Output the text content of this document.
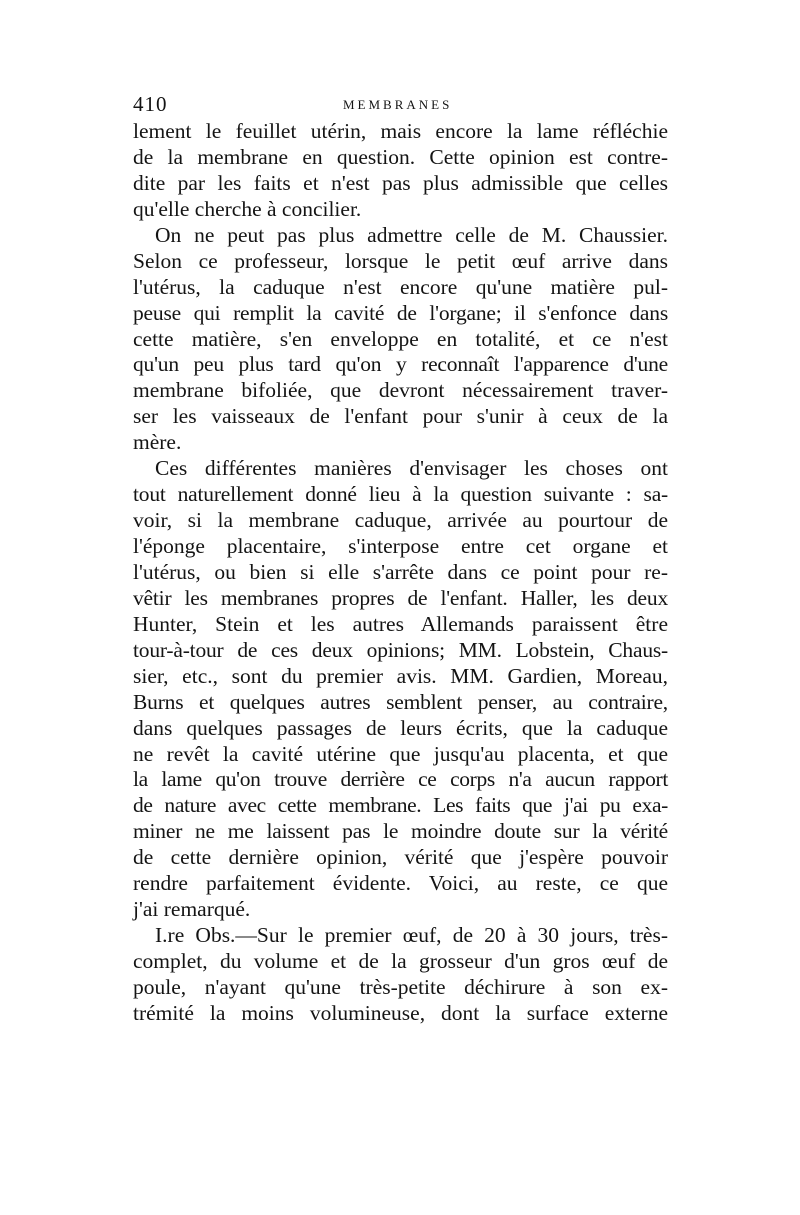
410	MEMBRANES
lement le feuillet utérin, mais encore la lame réfléchie
de la membrane en question. Cette opinion est contre-
dite par les faits et n'est pas plus admissible que celles
qu'elle cherche à concilier.
On ne peut pas plus admettre celle de M. Chaussier.
Selon ce professeur, lorsque le petit œuf arrive dans
l'utérus, la caduque n'est encore qu'une matière pul-
peuse qui remplit la cavité de l'organe; il s'enfonce dans
cette matière, s'en enveloppe en totalité, et ce n'est
qu'un peu plus tard qu'on y reconnaît l'apparence d'une
membrane bifoliée, que devront nécessairement traver-
ser les vaisseaux de l'enfant pour s'unir à ceux de la
mère.
Ces différentes manières d'envisager les choses ont
tout naturellement donné lieu à la question suivante : sa-
voir, si la membrane caduque, arrivée au pourtour de
l'éponge placentaire, s'interpose entre cet organe et
l'utérus, ou bien si elle s'arrête dans ce point pour re-
vêtir les membranes propres de l'enfant. Haller, les deux
Hunter, Stein et les autres Allemands paraissent être
tour-à-tour de ces deux opinions; MM. Lobstein, Chaus-
sier, etc., sont du premier avis. MM. Gardien, Moreau,
Burns et quelques autres semblent penser, au contraire,
dans quelques passages de leurs écrits, que la caduque
ne revêt la cavité utérine que jusqu'au placenta, et que
la lame qu'on trouve derrière ce corps n'a aucun rapport
de nature avec cette membrane. Les faits que j'ai pu exa-
miner ne me laissent pas le moindre doute sur la vérité
de cette dernière opinion, vérité que j'espère pouvoir
rendre parfaitement évidente. Voici, au reste, ce que
j'ai remarqué.
I.re Obs.—Sur le premier œuf, de 20 à 30 jours, très-
complet, du volume et de la grosseur d'un gros œuf de
poule, n'ayant qu'une très-petite déchirure à son ex-
trémité la moins volumineuse, dont la surface externe
